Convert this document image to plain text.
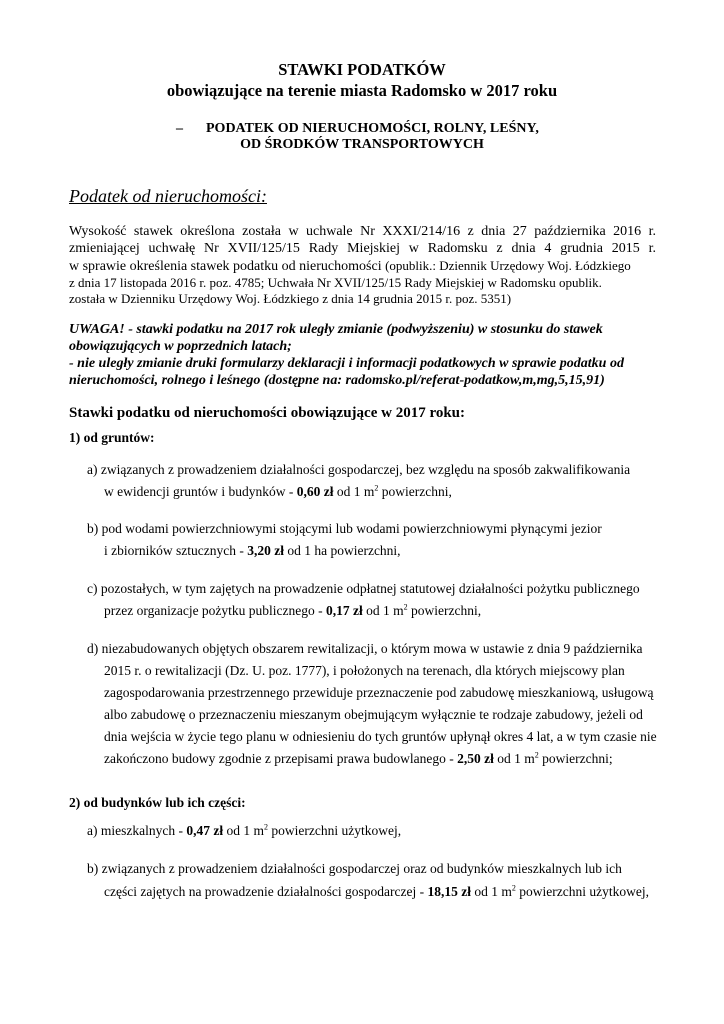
STAWKI PODATKÓW
obowiązujące na terenie miasta Radomsko w 2017 roku
– PODATEK OD NIERUCHOMOŚCI, ROLNY, LEŚNY,
OD ŚRODKÓW TRANSPORTOWYCH
Podatek od nieruchomości:
Wysokość stawek określona została w uchwale Nr XXXI/214/16 z dnia 27 października 2016 r.
zmieniającej uchwałę Nr XVII/125/15 Rady Miejskiej w Radomsku z dnia 4 grudnia 2015 r.
w sprawie określenia stawek podatku od nieruchomości (opublik.: Dziennik Urzędowy Woj. Łódzkiego
z dnia 17 listopada 2016 r. poz. 4785; Uchwała Nr XVII/125/15 Rady Miejskiej w Radomsku opublik.
została w Dzienniku Urzędowy Woj. Łódzkiego z dnia 14 grudnia 2015 r. poz. 5351)
UWAGA! - stawki podatku na 2017 rok uległy zmianie (podwyższeniu) w stosunku do stawek
obowiązujących w poprzednich latach;
- nie uległy zmianie druki formularzy deklaracji i informacji podatkowych w sprawie podatku od
nieruchomości, rolnego i leśnego (dostępne na: radomsko.pl/referat-podatkow,m,mg,5,15,91)
Stawki podatku od nieruchomości obowiązujące w 2017 roku:
1) od gruntów:
a) związanych z prowadzeniem działalności gospodarczej, bez względu na sposób zakwalifikowania
w ewidencji gruntów i budynków - 0,60 zł od 1 $m^2$ powierzchni,
b) pod wodami powierzchniowymi stojącymi lub wodami powierzchniowymi płynącymi jezior
i zbiorników sztucznych - 3,20 zł od 1 ha powierzchni,
c) pozostałych, w tym zajętych na prowadzenie odpłatnej statutowej działalności pożytku publicznego
przez organizacje pożytku publicznego - 0,17 zł od 1 $m^2$ powierzchni,
d) niezabudowanych objętych obszarem rewitalizacji, o którym mowa w ustawie z dnia 9 października
2015 r. o rewitalizacji (Dz. U. poz. 1777), i położonych na terenach, dla których miejscowy plan
zagospodarowania przestrzennego przewiduje przeznaczenie pod zabudowę mieszkaniową, usługową
albo zabudowę o przeznaczeniu mieszanym obejmującym wyłącznie te rodzaje zabudowy, jeżeli od
dnia wejścia w życie tego planu w odniesieniu do tych gruntów upłynął okres 4 lat, a w tym czasie nie
zakończono budowy zgodnie z przepisami prawa budowlanego - 2,50 zł od 1 $m^2$ powierzchni;
2) od budynków lub ich części:
a) mieszkalnych - 0,47 zł od 1 $m^2$ powierzchni użytkowej,
b) związanych z prowadzeniem działalności gospodarczej oraz od budynków mieszkalnych lub ich
części zajętych na prowadzenie działalności gospodarczej - 18,15 zł od 1 $m^2$ powierzchni użytkowej,
